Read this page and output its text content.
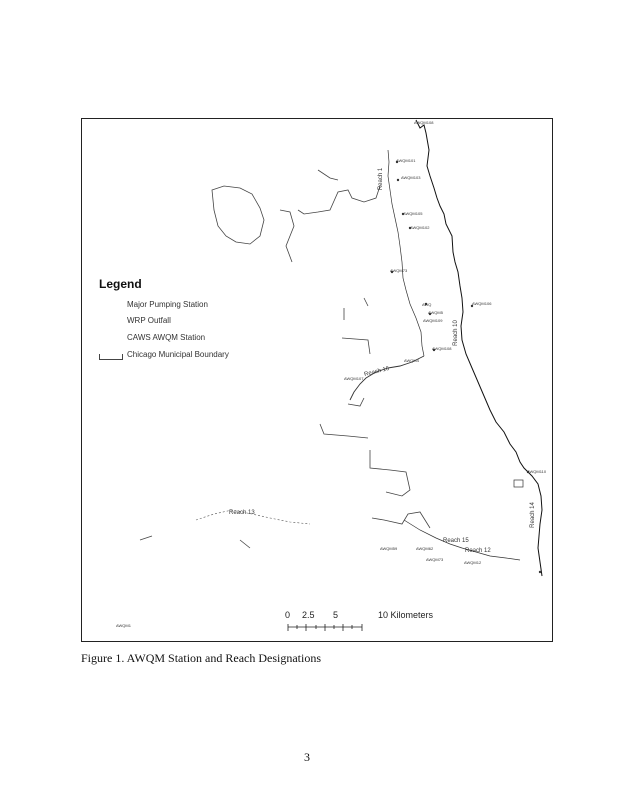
Legend
Major Pumping Station
WRP Outfall
CAWS AWQM Station
Chicago Municipal Boundary
AWQM108
AWQM101
AWQM103
AWQM105
AWQM102
AWQM73
AWQ
AWQM5
AWQM109
AWQM106
AWQM108
AWQM4
AWQM107
AWQM110
AWQM59	AWQM62
AWQM73
AWQM12
AWQM1
Reach 1
Reach 13	Reach 14
Reach 15
Reach 12
Reach 16
Reach 10
0 2.5 5	10 Kilometers
Figure 1. AWQM Station and Reach Designations
3
